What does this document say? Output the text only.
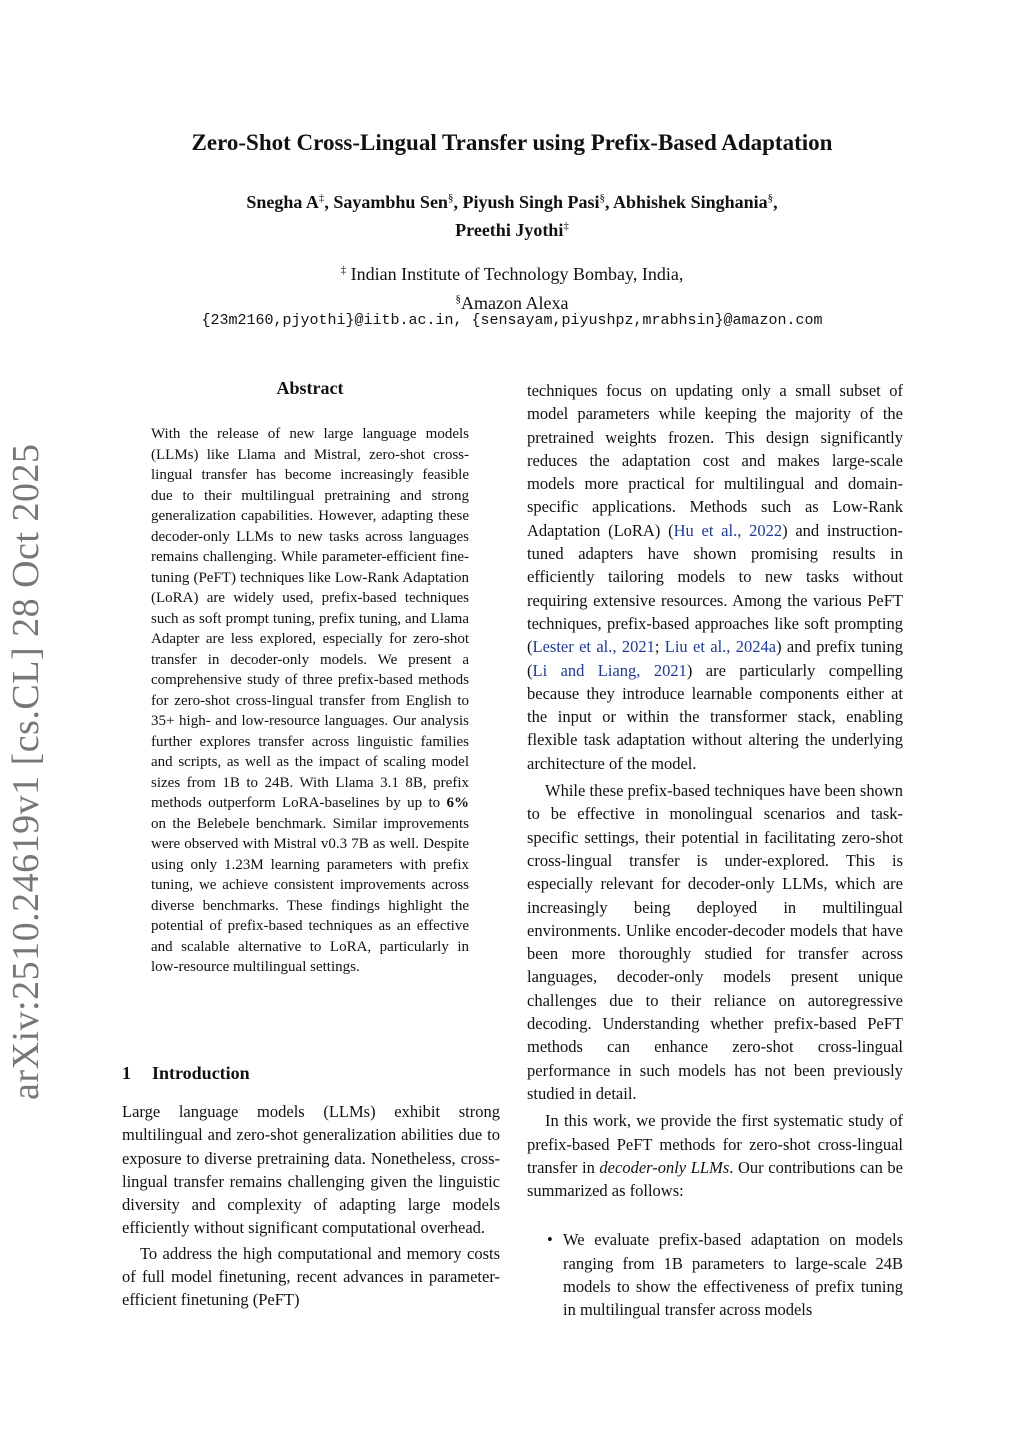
arXiv:2510.24619v1 [cs.CL] 28 Oct 2025
Zero-Shot Cross-Lingual Transfer using Prefix-Based Adaptation
Snegha A‡, Sayambhu Sen§, Piyush Singh Pasi§, Abhishek Singhania§,
Preethi Jyothi‡
‡ Indian Institute of Technology Bombay, India,
§Amazon Alexa
{23m2160,pjyothi}@iitb.ac.in, {sensayam,piyushpz,mrabhsin}@amazon.com
Abstract

With the release of new large language models (LLMs) like Llama and Mistral, zero-shot cross-lingual transfer has become increasingly feasible due to their multilingual pretraining and strong generalization capabilities. However, adapting these decoder-only LLMs to new tasks across languages remains challenging. While parameter-efficient fine-tuning (PeFT) techniques like Low-Rank Adaptation (LoRA) are widely used, prefix-based techniques such as soft prompt tuning, prefix tuning, and Llama Adapter are less explored, especially for zero-shot transfer in decoder-only models. We present a comprehensive study of three prefix-based methods for zero-shot cross-lingual transfer from English to 35+ high- and low-resource languages. Our analysis further explores transfer across linguistic families and scripts, as well as the impact of scaling model sizes from 1B to 24B. With Llama 3.1 8B, prefix methods outperform LoRA-baselines by up to 6% on the Belebele benchmark. Similar improvements were observed with Mistral v0.3 7B as well. Despite using only 1.23M learning parameters with prefix tuning, we achieve consistent improvements across diverse benchmarks. These findings highlight the potential of prefix-based techniques as an effective and scalable alternative to LoRA, particularly in low-resource multilingual settings.

1 Introduction

Large language models (LLMs) exhibit strong multilingual and zero-shot generalization abilities due to exposure to diverse pretraining data. Nonetheless, cross-lingual transfer remains challenging given the linguistic diversity and complexity of adapting large models efficiently without significant computational overhead.

To address the high computational and memory costs of full model finetuning, recent advances in parameter-efficient finetuning (PeFT)

techniques focus on updating only a small subset of model parameters while keeping the majority of the pretrained weights frozen. This design significantly reduces the adaptation cost and makes large-scale models more practical for multilingual and domain-specific applications. Methods such as Low-Rank Adaptation (LoRA) (Hu et al., 2022) and instruction-tuned adapters have shown promising results in efficiently tailoring models to new tasks without requiring extensive resources. Among the various PeFT techniques, prefix-based approaches like soft prompting (Lester et al., 2021; Liu et al., 2024a) and prefix tuning (Li and Liang, 2021) are particularly compelling because they introduce learnable components either at the input or within the transformer stack, enabling flexible task adaptation without altering the underlying architecture of the model.

While these prefix-based techniques have been shown to be effective in monolingual scenarios and task-specific settings, their potential in facilitating zero-shot cross-lingual transfer is under-explored. This is especially relevant for decoder-only LLMs, which are increasingly being deployed in multilingual environments. Unlike encoder-decoder models that have been more thoroughly studied for transfer across languages, decoder-only models present unique challenges due to their reliance on autoregressive decoding. Understanding whether prefix-based PeFT methods can enhance zero-shot cross-lingual performance in such models has not been previously studied in detail.

In this work, we provide the first systematic study of prefix-based PeFT methods for zero-shot cross-lingual transfer in decoder-only LLMs. Our contributions can be summarized as follows:

• We evaluate prefix-based adaptation on models ranging from 1B parameters to large-scale 24B models to show the effectiveness of prefix tuning in multilingual transfer across models
